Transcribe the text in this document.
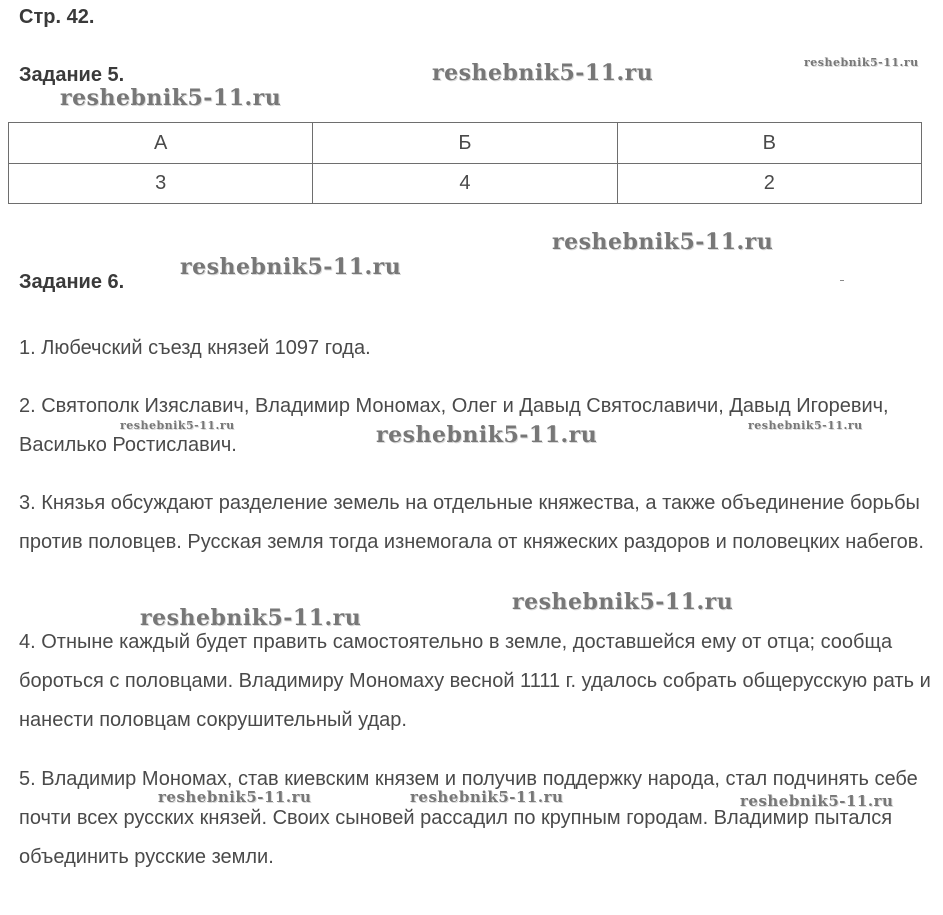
Стр. 42.
Задание 5.
А	Б	В
3	4	2
Задание 6.
1. Любечский съезд князей 1097 года.
2. Святополк Изяславич, Владимир Мономах, Олег и Давыд Святославичи, Давыд Игоревич, Василько Ростиславич.
3. Князья обсуждают разделение земель на отдельные княжества, а также объединение борьбы против половцев. Русская земля тогда изнемогала от княжеских раздоров и половецких набегов.
4. Отныне каждый будет править самостоятельно в земле, доставшейся ему от отца; сообща бороться с половцами. Владимиру Мономаху весной 1111 г. удалось собрать общерусскую рать и нанести половцам сокрушительный удар.
5. Владимир Мономах, став киевским князем и получив поддержку народа, стал подчинять себе почти всех русских князей. Своих сыновей рассадил по крупным городам. Владимир пытался объединить русские земли.
reshebnik5-11.ru	reshebnik5-11.ru
reshebnik5-11.ru
reshebnik5-11.ru
reshebnik5-11.ru
reshebnik5-11.ru	reshebnik5-11.ru	reshebnik5-11.ru
reshebnik5-11.ru
reshebnik5-11.ru
reshebnik5-11.ru	reshebnik5-11.ru	reshebnik5-11.ru
